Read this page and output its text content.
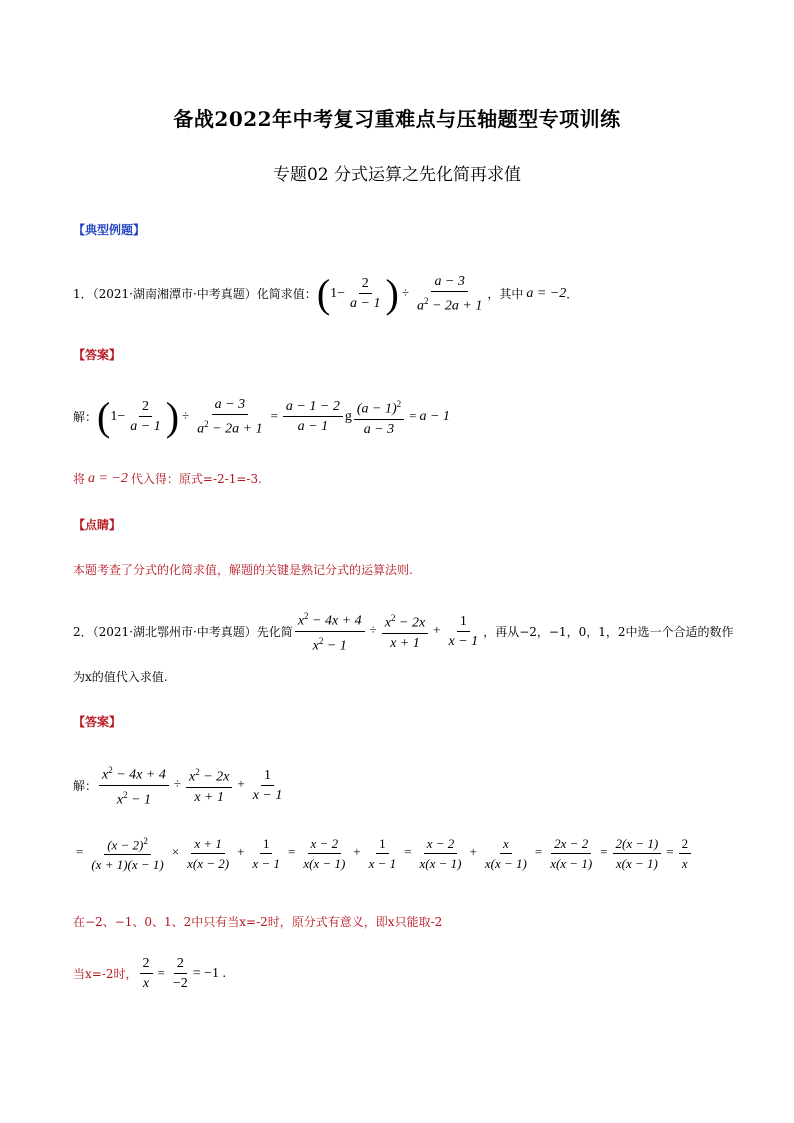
备战2022年中考复习重难点与压轴题型专项训练
专题02 分式运算之先化简再求值
【典型例题】
1．（2021·湖南湘潭市·中考真题）化简求值： ($1- \frac{2}{a - 1}$ ) ÷ $\frac{a - 3}{a^2 - 2a + 1}$ ，其中 a = −2 ．
【答案】
解： ($1- \frac{2}{a - 1}$ ) ÷ $\frac{a - 3}{a^2 - 2a + 1} = \frac{a - 1 - 2}{a - 1}$ g $\frac{(a - 1)^2}{a - 3} = a - 1$
将 a = −2 代入得：原式=-2-1=-3.
【点睛】
本题考查了分式的化简求值，解题的关键是熟记分式的运算法则.
2．（2021·湖北鄂州市·中考真题）先化简 $\frac{x^2 - 4x + 4}{x^2 - 1} \div \frac{x^2 - 2x}{x + 1} + \frac{1}{x - 1}$ ，再从−2，−1，0，1，2中选一个合适的数作
为x的值代入求值.
【答案】
解： $\frac{x^2 - 4x + 4}{x^2 - 1} \div \frac{x^2 - 2x}{x + 1} + \frac{1}{x - 1}$
= $\frac{(x - 2)^2}{(x + 1)(x - 1)} \times \frac{x + 1}{x(x - 2)} + \frac{1}{x - 1} = \frac{x - 2}{x(x - 1)} + \frac{1}{x - 1} = \frac{x - 2}{x(x - 1)} + \frac{x}{x(x - 1)} = \frac{2x - 2}{x(x - 1)} = \frac{2(x - 1)}{x(x - 1)} = \frac{2}{x}$
在−2、−1、0、1、2中只有当x=-2时，原分式有意义，即x只能取-2
当x=-2时， $\frac{2}{x} = \frac{2}{-2} = -1$ .
